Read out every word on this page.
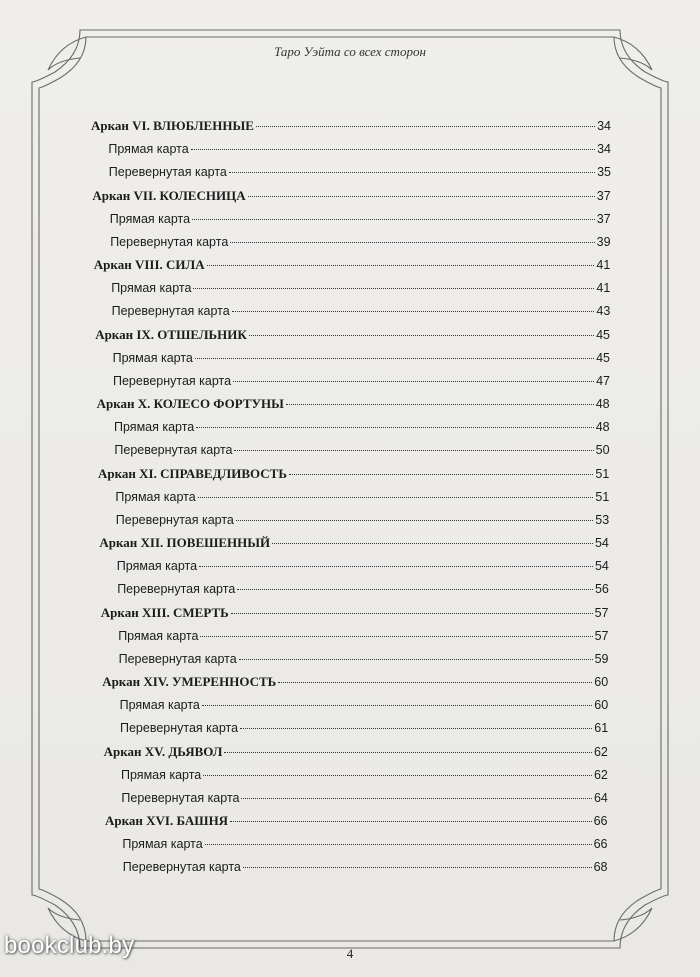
Таро Уэйта со всех сторон
Аркан VI. ВЛЮБЛЕННЫЕ	34
Прямая карта	34
Перевернутая карта	35
Аркан VII. КОЛЕСНИЦА	37
Прямая карта	37
Перевернутая карта	39
Аркан VIII. СИЛА	41
Прямая карта	41
Перевернутая карта	43
Аркан IX. ОТШЕЛЬНИК	45
Прямая карта	45
Перевернутая карта	47
Аркан X. КОЛЕСО ФОРТУНЫ	48
Прямая карта	48
Перевернутая карта	50
Аркан XI. СПРАВЕДЛИВОСТЬ	51
Прямая карта	51
Перевернутая карта	53
Аркан XII. ПОВЕШЕННЫЙ	54
Прямая карта	54
Перевернутая карта	56
Аркан XIII. СМЕРТЬ	57
Прямая карта	57
Перевернутая карта	59
Аркан XIV. УМЕРЕННОСТЬ	60
Прямая карта	60
Перевернутая карта	61
Аркан XV. ДЬЯВОЛ	62
Прямая карта	62
Перевернутая карта	64
Аркан XVI. БАШНЯ	66
Прямая карта	66
Перевернутая карта	68
4
bookclub.by
